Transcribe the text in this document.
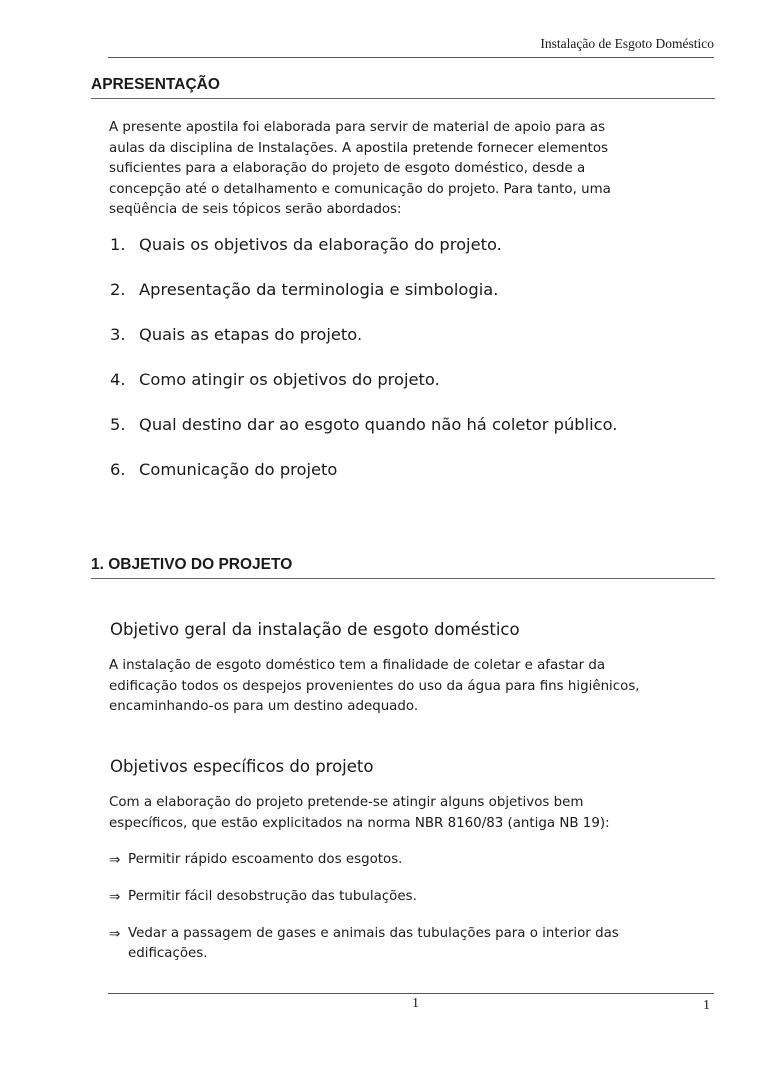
Instalação de Esgoto Doméstico
APRESENTAÇÃO
A presente apostila foi elaborada para servir de material de apoio para as
aulas da disciplina de Instalações. A apostila pretende fornecer elementos
suficientes para a elaboração do projeto de esgoto doméstico, desde a
concepção até o detalhamento e comunicação do projeto. Para tanto, uma
seqüência de seis tópicos serão abordados:
1. Quais os objetivos da elaboração do projeto.
2. Apresentação da terminologia e simbologia.
3. Quais as etapas do projeto.
4. Como atingir os objetivos do projeto.
5. Qual destino dar ao esgoto quando não há coletor público.
6. Comunicação do projeto
1. OBJETIVO DO PROJETO
Objetivo geral da instalação de esgoto doméstico
A instalação de esgoto doméstico tem a finalidade de coletar e afastar da
edificação todos os despejos provenientes do uso da água para fins higiênicos,
encaminhando-os para um destino adequado.
Objetivos específicos do projeto
Com a elaboração do projeto pretende-se atingir alguns objetivos bem
específicos, que estão explicitados na norma NBR 8160/83 (antiga NB 19):
⇒ Permitir rápido escoamento dos esgotos.
⇒ Permitir fácil desobstrução das tubulações.
⇒ Vedar a passagem de gases e animais das tubulações para o interior das
edificações.
1	1
